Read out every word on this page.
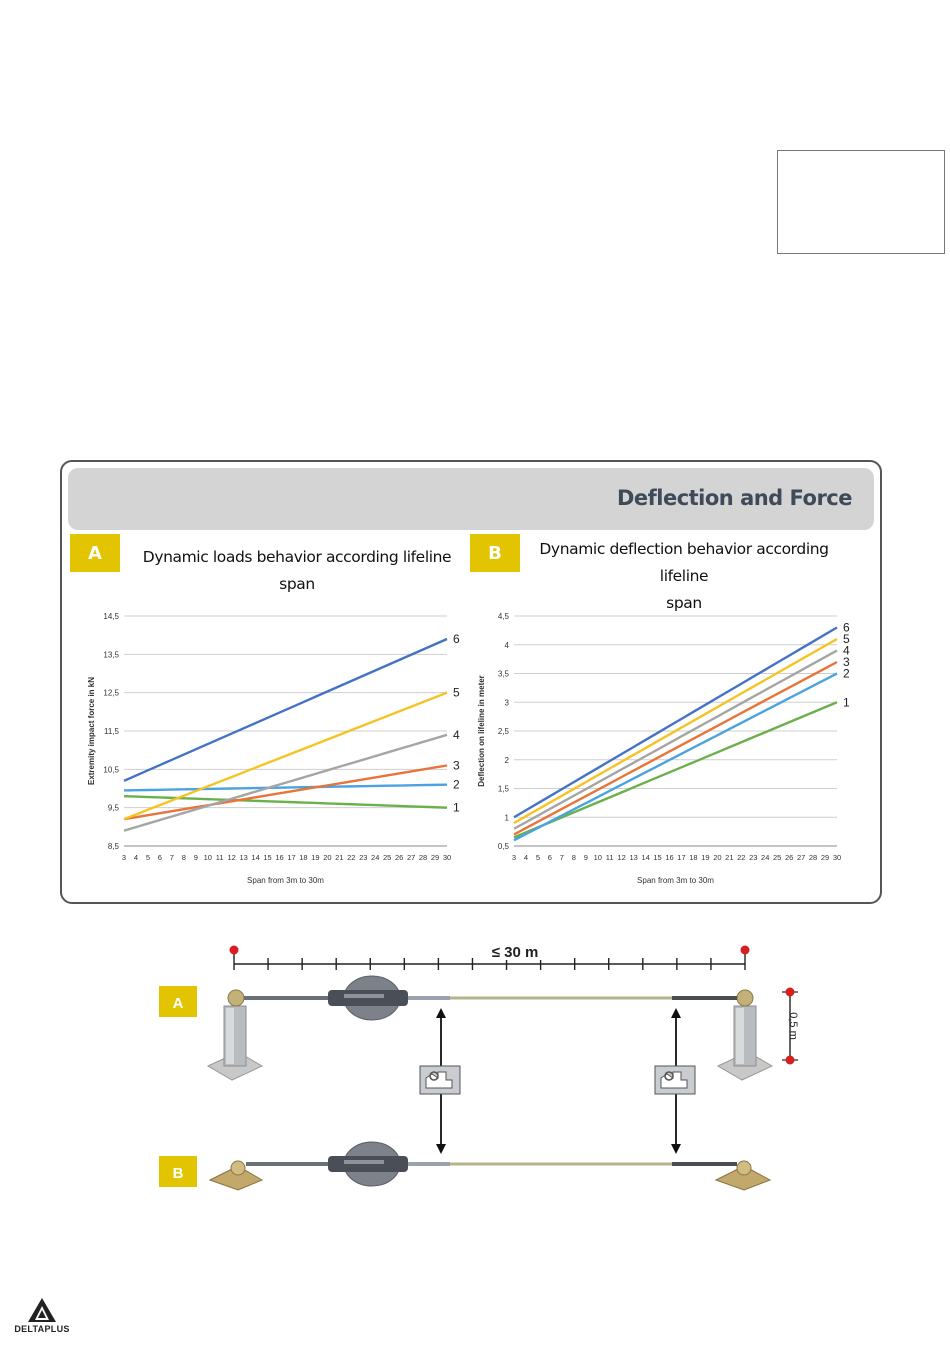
Deflection and Force
A	Dynamic loads behavior according lifeline span
B	Dynamic deflection behavior according lifeline
span
8,5
9,5
10,5
11,5
12,5
13,5
14,5
3 4 5 6 7 8 9 10 11 12 13 14 15 16 17 18 19 20 21 22 23 24 25 26 27 28 29 30
Span from 3m to 30m
Extremity impact force in kN
6
5
4
3
2
1
0,5
1
1,5
2
2,5
3
3,5
4
4,5
3 4 5 6 7 8 9 10 11 12 13 14 15 16 17 18 19 20 21 22 23 24 25 26 27 28 29 30
Span from 3m to 30m
Deflection on lifeline in meter
6
5
4
3
2
1
≤ 30 m
A
0,5 m
B
DELTAPLUS
